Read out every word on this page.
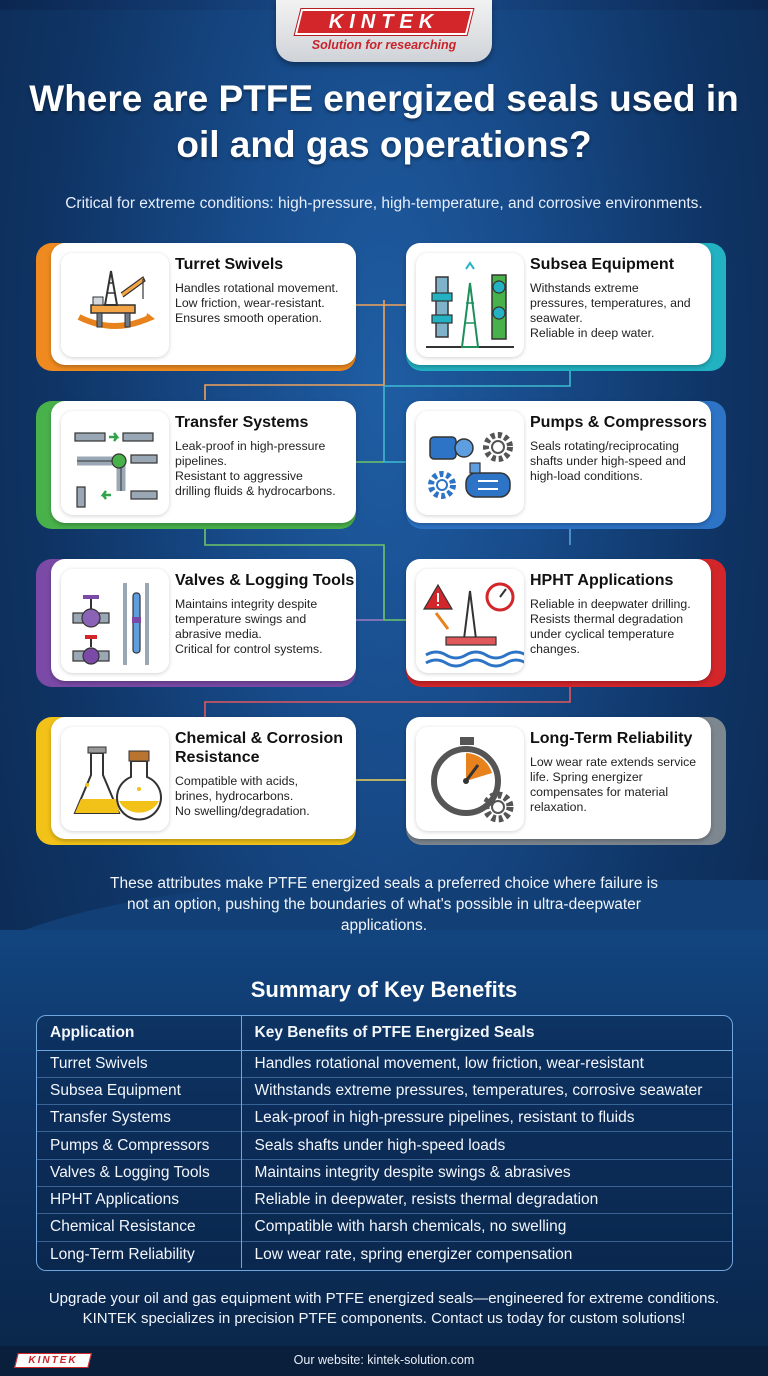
KINTEK
Solution for researching
Where are PTFE energized seals used in oil and gas operations?
Critical for extreme conditions: high-pressure, high-temperature, and corrosive environments.
Turret Swivels
Handles rotational movement.
Low friction, wear-resistant.
Ensures smooth operation.
Subsea Equipment
Withstands extreme
pressures, temperatures, and
seawater.
Reliable in deep water.
Transfer Systems
Leak-proof in high-pressure
pipelines.
Resistant to aggressive
drilling fluids & hydrocarbons.
Pumps & Compressors
Seals rotating/reciprocating
shafts under high-speed and
high-load conditions.
Valves & Logging Tools
Maintains integrity despite
temperature swings and
abrasive media.
Critical for control systems.
HPHT Applications
Reliable in deepwater drilling.
Resists thermal degradation
under cyclical temperature
changes.
Chemical & Corrosion Resistance
Compatible with acids,
brines, hydrocarbons.
No swelling/degradation.
Long-Term Reliability
Low wear rate extends service
life. Spring energizer
compensates for material
relaxation.
These attributes make PTFE energized seals a preferred choice where failure is not an option, pushing the boundaries of what's possible in ultra-deepwater applications.
Summary of Key Benefits
Application	Key Benefits of PTFE Energized Seals
Turret Swivels	Handles rotational movement, low friction, wear-resistant
Subsea Equipment	Withstands extreme pressures, temperatures, corrosive seawater
Transfer Systems	Leak-proof in high-pressure pipelines, resistant to fluids
Pumps & Compressors	Seals shafts under high-speed loads
Valves & Logging Tools	Maintains integrity despite swings & abrasives
HPHT Applications	Reliable in deepwater, resists thermal degradation
Chemical Resistance	Compatible with harsh chemicals, no swelling
Long-Term Reliability	Low wear rate, spring energizer compensation
Upgrade your oil and gas equipment with PTFE energized seals—engineered for extreme conditions.
KINTEK specializes in precision PTFE components. Contact us today for custom solutions!
KINTEK	Our website: kintek-solution.com
